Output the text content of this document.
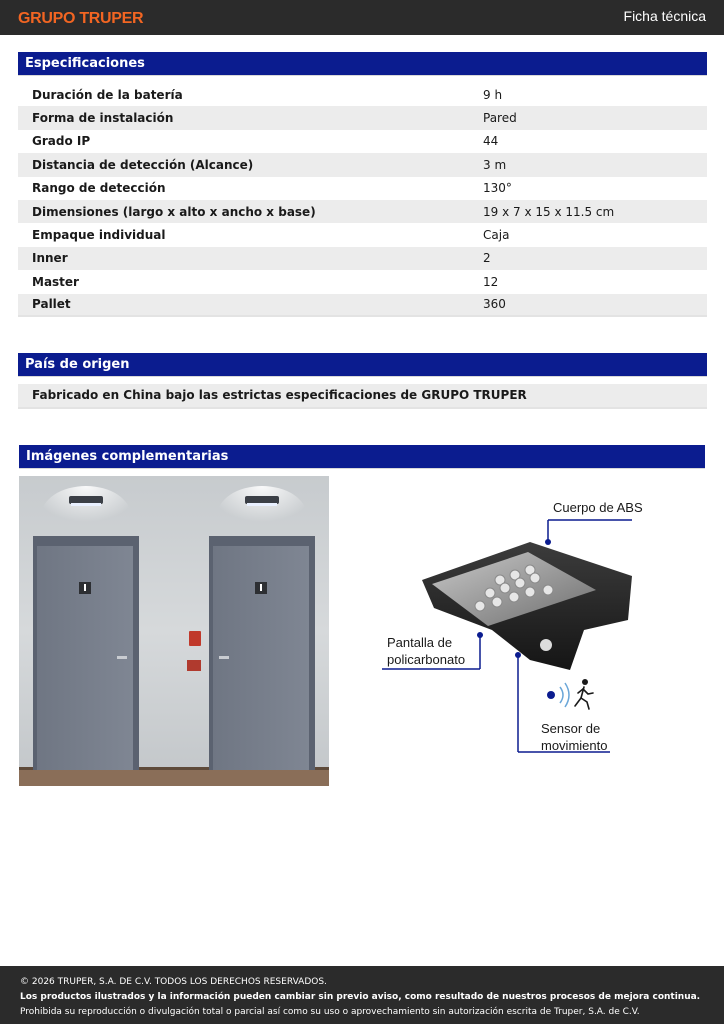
GRUPO TRUPER	Ficha técnica
Especificaciones
Duración de la batería	9 h
Forma de instalación	Pared
Grado IP	44
Distancia de detección (Alcance)	3 m
Rango de detección	130°
Dimensiones (largo x alto x ancho x base)	19 x 7 x 15 x 11.5 cm
Empaque individual	Caja
Inner	2
Master	12
Pallet	360
País de origen
Fabricado en China bajo las estrictas especificaciones de GRUPO TRUPER
Imágenes complementarias
Cuerpo de ABS
Pantalla de
policarbonato
Sensor de
movimiento
© 2026 TRUPER, S.A. DE C.V. TODOS LOS DERECHOS RESERVADOS.
Los productos ilustrados y la información pueden cambiar sin previo aviso, como resultado de nuestros procesos de mejora continua.
Prohibida su reproducción o divulgación total o parcial así como su uso o aprovechamiento sin autorización escrita de Truper, S.A. de C.V.
